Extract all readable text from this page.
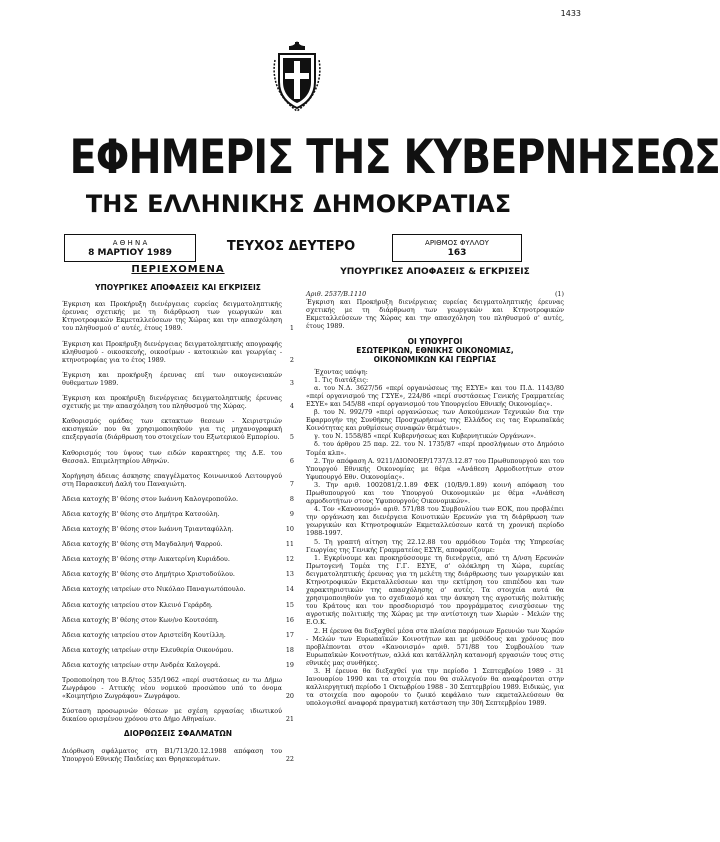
1433
ΕΦΗΜΕΡΙΣ ΤΗΣ ΚΥΒΕΡΝΗΣΕΩΣ
ΤΗΣ ΕΛΛΗΝΙΚΗΣ ΔΗΜΟΚΡΑΤΙΑΣ
Α Θ Η Ν Α
8 ΜΑΡΤΙΟΥ 1989	ΤΕΥΧΟΣ ΔΕΥΤΕΡΟ	ΑΡΙΘΜΟΣ ΦΥΛΛΟΥ
163
ΠΕΡΙΕΧΟΜΕΝΑ
ΥΠΟΥΡΓΙΚΕΣ ΑΠΟΦΑΣΕΙΣ ΚΑΙ ΕΓΚΡΙΣΕΙΣ
Έγκριση και Προκήρυξη διενέργειας ευρείας δειγματοληπτικής έρευνας σχετικής με τη διάρθρωση των γεωργικών και Κτηνοτροφικών Εκμεταλλεύσεων της Χώρας και την απασχόληση του πληθυσμού σ' αυτές, έτους 1989.	1
Έγκριση και Προκήρυξη διενέργειας δειγματοληπτικής απογραφής κληθυσμού - οικοσκευής, οικοσίμων - κατοικιών και γεωργίας - κτηνοτροφίας για το έτος 1989.	2
Έγκριση και προκήρυξη έρευνας επί των οικογενειακών θυθεματων 1989.	3
Έγκριση και προκήρυξη διενέργειας δειγματοληπτικής έρευνας σχετικής με την απασχόληση του πληθυσμού της Χώρας.	4
Καθορισμός ομάδας των εκτακτων θεσεων - Χειριστριών ακισηγκών που θα χρησιμοποιηθούν για τις μηχανογραφική επεξεργασία (διάρθρωση του στοιχείων του Εξωτερικού Εμπορίου. 5
Καθορισμός του ύψους των ειδών καρακτηρες της Δ.Ε. του Θεσσαλ. Επιμελητηρίου Αθηνών.	6
Χορήγηση άδειας άσκησης επαγγέλματος Κοινωνικού Λειτουργού στη Παρασκευή Δαλή του Παναγιώτη.	7
Άδεια κατοχής Β' θέσης στον Ιωάννη Καλογεροπούλο.	8
Άδεια κατοχής Β' θέσης στο Δημήτρα Κατσούλη.	9
Άδεια κατοχής Β' θέσης στον Ιωάννη Τριανταφύλλη.	10
Άδεια κατοχής Β' θέσης στη Μαγδαληνή Ψαρρού.	11
Άδεια κατοχής Β' θέσης στην Αικατερίνη Κυριάδου.	12
Άδεια κατοχής Β' θέσης στο Δημήτριο Χριστοδούλου.	13
Άδεια κατοχής ιατρείων στο Νικόλαο Παναγιωτόπουλο.	14
Άδεια κατοχής ιατρείου στον Κλεινό Γεράρδη.	15
Άδεια κατοχής Β' θέσης στον Κων/νο Κουτσόπη.	16
Άδεια κατοχής ιατρείου στον Αριστείδη Κουτίλλη.	17
Άδεια κατοχής ιατρείων στην Ελευθερία Οικονόμου.	18
Άδεια κατοχής ιατρείων στην Ανδρέα Καλογερά.	19
Τροποποίηση του Β.δ/τος 535/1962 «περί συστάσεως εν τω Δήμω Ζωγράφου - Αττικής νέου νομικού προσώπου υπό το όνομα «Κοιμητήριο Ζωγράφου» Ζωγράφου.	20
Σύσταση προσωρινών θέσεων με σχέση εργασίας ιδιωτικού δικαίου ορισμένου χρόνου στο Δήμο Αθηναίων.	21
ΔΙΟΡΘΩΣΕΙΣ ΣΦΑΛΜΑΤΩΝ
Διόρθωση σφάλματος στη Β1/713/20.12.1988 απόφαση του Υπουργού Εθνικής Παιδείας και Θρησκευμάτων.	22
ΥΠΟΥΡΓΙΚΕΣ ΑΠΟΦΑΣΕΙΣ & ΕΓΚΡΙΣΕΙΣ
Αριθ. 2537/Β.1110	(1)

Έγκριση και Προκήρυξη διενέργειας ευρείας δειγματοληπτικής έρευνας σχετικής με τη διάρθρωση των γεωργικών και Κτηνοτροφικών Εκμεταλλεύσεων της Χώρας και την απασχόληση του πληθυσμού σ' αυτές, έτους 1989.

ΟΙ ΥΠΟΥΡΓΟΙ
ΕΣΩΤΕΡΙΚΩΝ, ΕΘΝΙΚΗΣ ΟΙΚΟΝΟΜΙΑΣ,
ΟΙΚΟΝΟΜΙΚΩΝ ΚΑΙ ΓΕΩΡΓΙΑΣ

Έχοντας υπόψη:

1. Τις διατάξεις:

α. του Ν.Δ. 3627/56 «περί οργανώσεως της ΕΣΥΕ» και του Π.Δ. 1143/80 «περί οργανισμού της ΓΣΥΕ», 224/86 «περί συστάσεως Γενικής Γραμματείας ΕΣΥΕ» και 545/88 «περί οργανισμού του Υπουργείου Εθνικής Οικονομίας».

β. του Ν. 992/79 «περί οργανώσεως των Ασκούμενων Τεχνικών δια την Εφαρμογήν της Συνθήκης Προσχωρήσεως της Ελλάδος εις τας Ευρωπαϊκάς Κοινότητας και ρυθμίσεως συναφών θεμάτων».

γ. του Ν. 1558/85 «περί Κυβερνήσεως και Κυβερνητικών Οργάνων».

δ. του άρθρου 25 παρ. 22. του Ν. 1735/87 «περί προσλήψεων στο Δημόσιο Τομέα κλπ».

2. Την απόφαση Α. 9211/ΔΙΟΝΟΕΡ/1737/3.12.87 του Πρωθυπουργού και του Υπουργού Εθνικής Οικονομίας με θέμα «Ανάθεση Αρμοδιοτήτων στον Υφυπουργό Εθν. Οικονομίας».

3. Την αριθ. 1002081/2.1.89 ΦΕΚ (10/Β/9.1.89) κοινή απόφαση του Πρωθυπουργού και του Υπουργού Οικονομικών με θέμα «Ανάθεση αρμοδιοτήτων στους Υφυπουργούς Οικονομικών».

4. Τον «Κανονισμό» αριθ. 571/88 του Συμβουλίου των ΕΟΚ, που προβλέπει την οργάνωση και διενέργεια Κοινοτικών Ερευνών για τη διάρθρωση των γεωργικών και Κτηνοτροφικών Εκμεταλλεύσεων κατά τη χρονική περίοδο 1988-1997.

5. Τη γραπτή αίτηση της 22.12.88 του αρμόδιου Τομέα της Υπηρεσίας Γεωργίας της Γενικής Γραμματείας ΕΣΥΕ, αποφασίζουμε:

1. Εγκρίνουμε και προκηρύσσουμε τη διενέργεια, από τη Δ/νση Ερευνών Πρωτογενή Τομέα της Γ.Γ. ΕΣΥΕ, σ' ολόκληρη τη Χώρα, ευρείας δειγματοληπτικής έρευνας για τη μελέτη της διάρθρωσης των γεωργικών και Κτηνοτροφικών Εκμεταλλεύσεων και την εκτίμηση του επιπέδου και των χαρακτηριστικών της απασχόλησης σ' αυτές. Τα στοιχεία αυτά θα χρησιμοποιηθούν για το σχεδιασμό και την άσκηση της αγροτικής πολιτικής του Κράτους και τον προσδιορισμό του προγράμματος ενισχύσεων της αγροτικής πολιτικής της Χώρας με την αντίστοιχη των Χωρών - Μελών της Ε.Ο.Κ.

2. Η έρευνα θα διεξαχθεί μέσα στα πλαίσια παρόμοιων Ερευνών των Χωρών - Μελών των Ευρωπαϊκών Κοινοτήτων και με μεθόδους και χρόνους που προβλέπονται στον «Κανονισμό» αριθ. 571/88 του Συμβουλίου των Ευρωπαϊκών Κοινοτήτων, αλλά και κατάλληλη κατανομή εργασιών τους στις εθνικές μας συνθήκες.

3. Η έρευνα θα διεξαχθεί για την περίοδο 1 Σεπτεμβρίου 1989 - 31 Ιανουαρίου 1990 και τα στοιχεία που θα συλλεγούν θα αναφέρονται στην καλλιεργητική περίοδο 1 Οκτωβρίου 1988 - 30 Σεπτεμβρίου 1989. Ειδικώς, για τα στοιχεία που αφορούν το ζωικό κεφάλαιο των εκμεταλλεύσεων θα υπολογισθεί αναφορά πραγματική κατάσταση την 30ή Σεπτεμβρίου 1989.
